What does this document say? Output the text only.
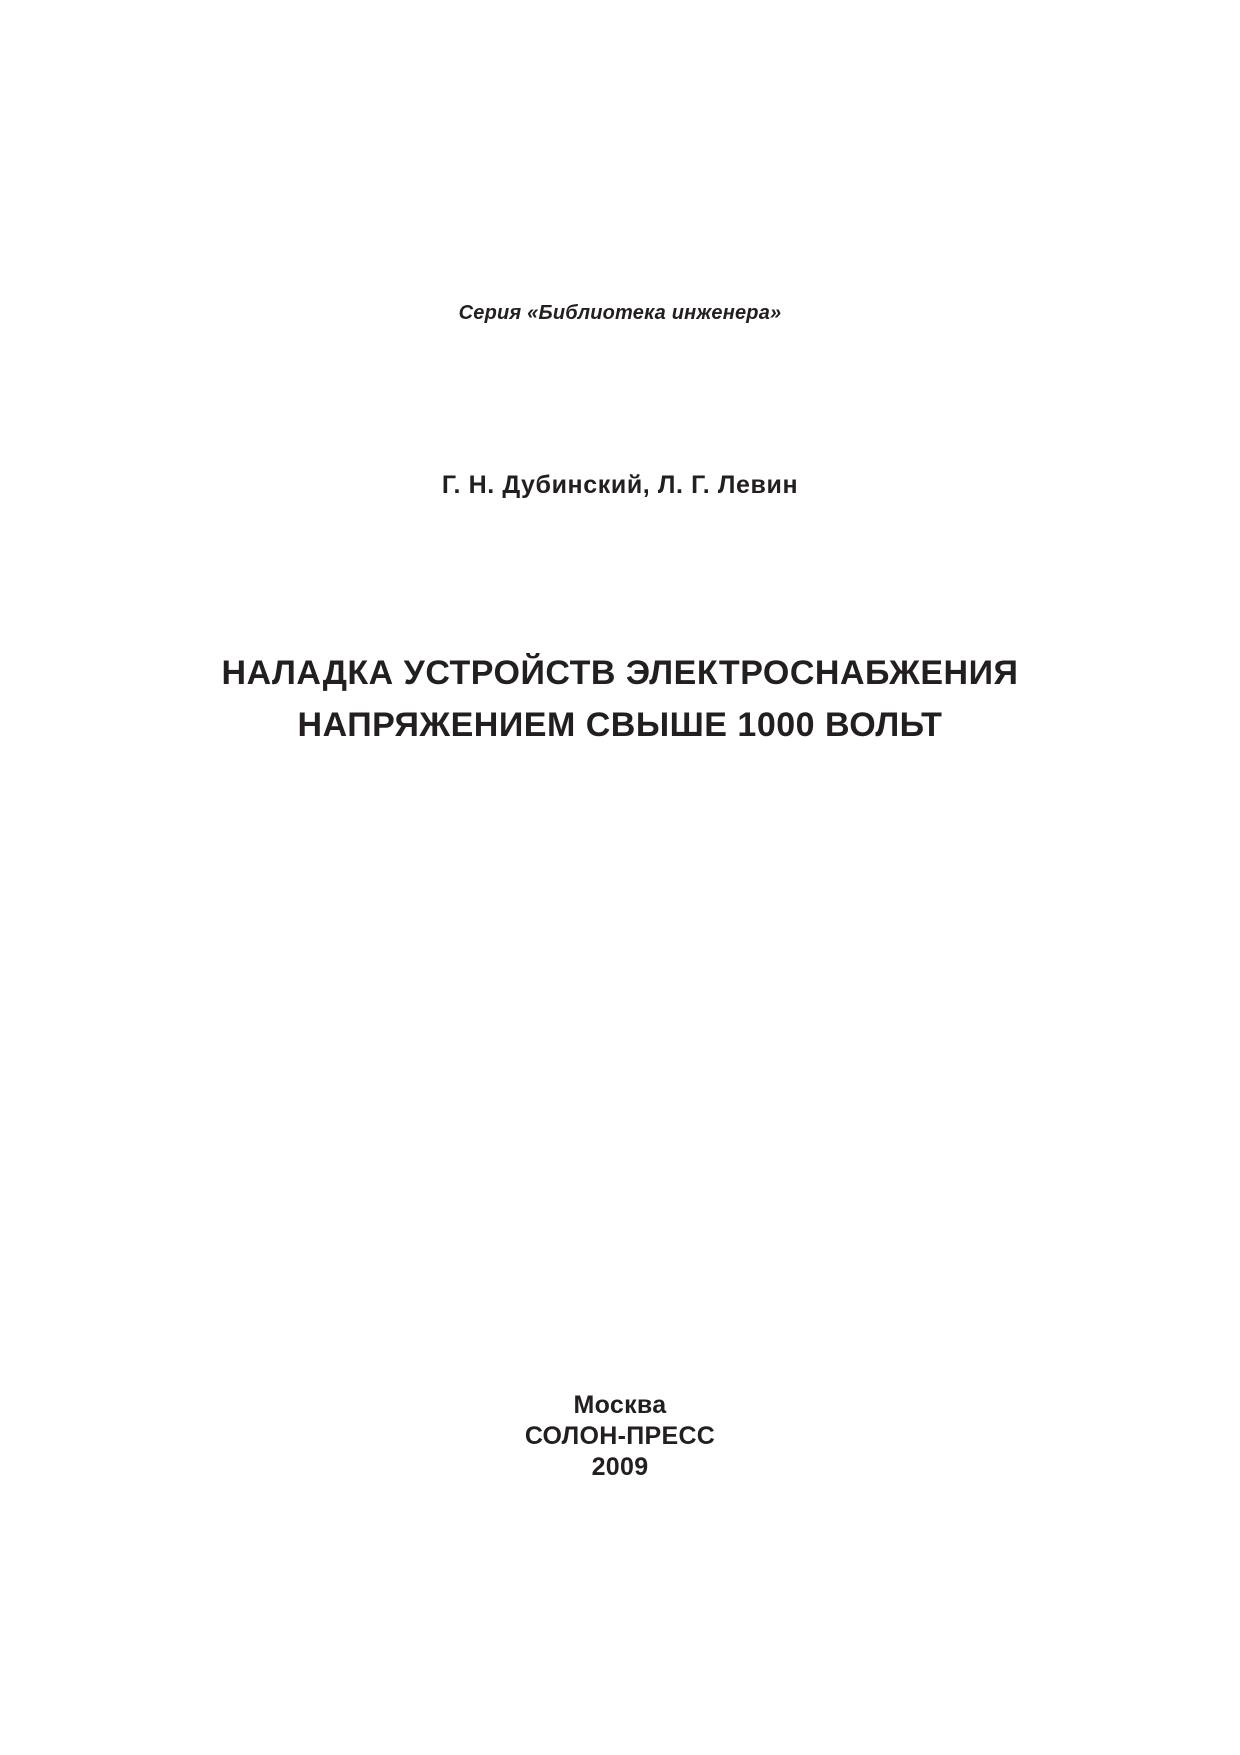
Серия «Библиотека инженера»
Г. Н. Дубинский, Л. Г. Левин
НАЛАДКА УСТРОЙСТВ ЭЛЕКТРОСНАБЖЕНИЯ
НАПРЯЖЕНИЕМ СВЫШЕ 1000 ВОЛЬТ
Москва
СОЛОН-ПРЕСС
2009
